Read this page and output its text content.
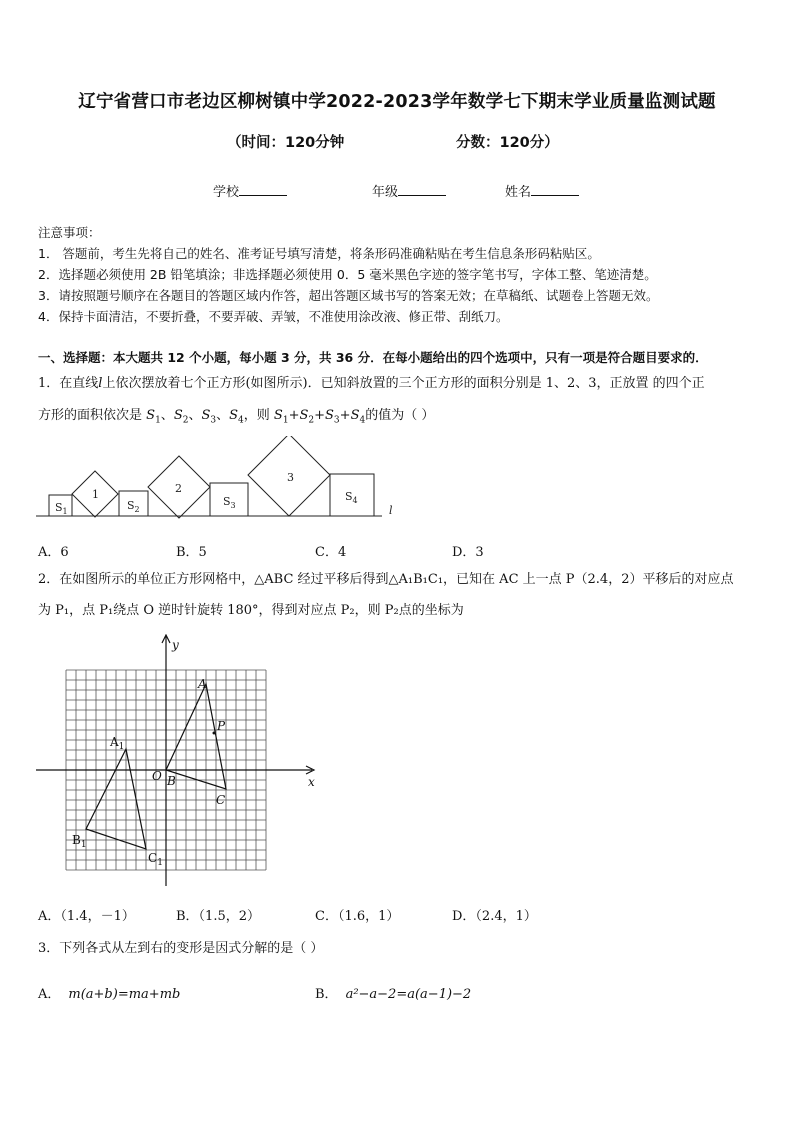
辽宁省营口市老边区柳树镇中学2022-2023学年数学七下期末学业质量监测试题
（时间：120分钟	分数：120分）
学校	年级	姓名
注意事项：
1． 答题前，考生先将自己的姓名、准考证号填写清楚，将条形码准确粘贴在考生信息条形码粘贴区。
2．选择题必须使用 2B 铅笔填涂；非选择题必须使用 0．5 毫米黑色字迹的签字笔书写，字体工整、笔迹清楚。
3．请按照题号顺序在各题目的答题区域内作答，超出答题区域书写的答案无效；在草稿纸、试题卷上答题无效。
4．保持卡面清洁，不要折叠，不要弄破、弄皱，不准使用涂改液、修正带、刮纸刀。
一、选择题：本大题共 12 个小题，每小题 3 分，共 36 分．在每小题给出的四个选项中，只有一项是符合题目要求的．
1．在直线l上依次摆放着七个正方形(如图所示)．已知斜放置的三个正方形的面积分别是 1、2、3，正放置 的四个正
方形的面积依次是 $S_1$、$S_2$、$S_3$、$S_4$，则 $S_1+S_2+S_3+S_4$的值为（ ）
1	2
3
$S_1$	$S_2$
$S_3$
$S_4$
l
A．6	B．5	C．4	D．3
2．在如图所示的单位正方形网格中，△ABC 经过平移后得到△A₁B₁C₁，已知在 AC 上一点 P（2.4，2）平移后的对应点
为 P₁，点 P₁绕点 O 逆时针旋转 180°，得到对应点 P₂，则 P₂点的坐标为
y
x
O
A
B
C
P
$A_1$
$B_1$
$C_1$
A．（1.4，－1）	B．（1.5，2）	C．（1.6，1）	D．（2.4，1）
3．下列各式从左到右的变形是因式分解的是（ ）
A． m(a+b)=ma+mb	B． a²−a−2=a(a−1)−2
